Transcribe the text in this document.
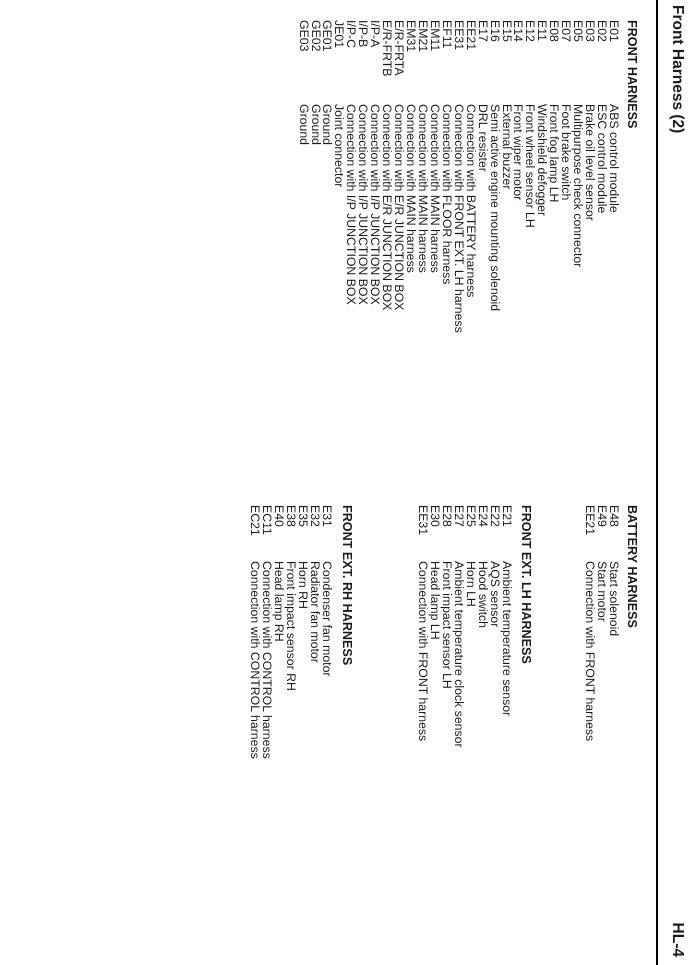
Front Harness (2)
HL-4
FRONT HARNESS
E01
ABS control module
E02
ESC control module
E03
Brake oil level sensor
E05
Multipurpose check connector
E07
Foot brake switch
E08
Front fog lamp LH
E11
Windshield defogger
E12
Front wheel sensor LH
E14
Front wiper motor
E15
External buzzer
E16
Semi active engine mounting solenoid
E17
DRL resister
EE21
Connection with BATTERY harness
EE31
Connection with FRONT EXT. LH harness
EF11
Connection with FLOOR harness
EM11
Connection with MAIN harness
EM21
Connection with MAIN harness
EM31
Connection with MAIN harness
E/R-FRTA
Connection with E/R JUNCTION BOX
E/R-FRTB
Connection with E/R JUNCTION BOX
I/P-A
Connection with I/P JUNCTION BOX
I/P-B
Connection with I/P JUNCTION BOX
I/P-C
Connection with I/P JUNCTION BOX
JE01
Joint connector
GE01
Ground
GE02
Ground
GE03
Ground
BATTERY HARNESS
E48
Start solenoid
E49
Start motor
EE21
Connection with FRONT harness
FRONT EXT. LH HARNESS
E21
Ambient temperature sensor
E22
AQS sensor
E24
Hood switch
E25
Horn LH
E27
Ambient temperature clock sensor
E28
Front impact sensor LH
E30
Head lamp LH
EE31
Connection with FRONT harness
FRONT EXT. RH HARNESS
E31
Condenser fan motor
E32
Radiator fan motor
E35
Horn RH
E38
Front impact sensor RH
E40
Head lamp RH
EC11
Connection with CONTROL harness
EC21
Connection with CONTROL harness
